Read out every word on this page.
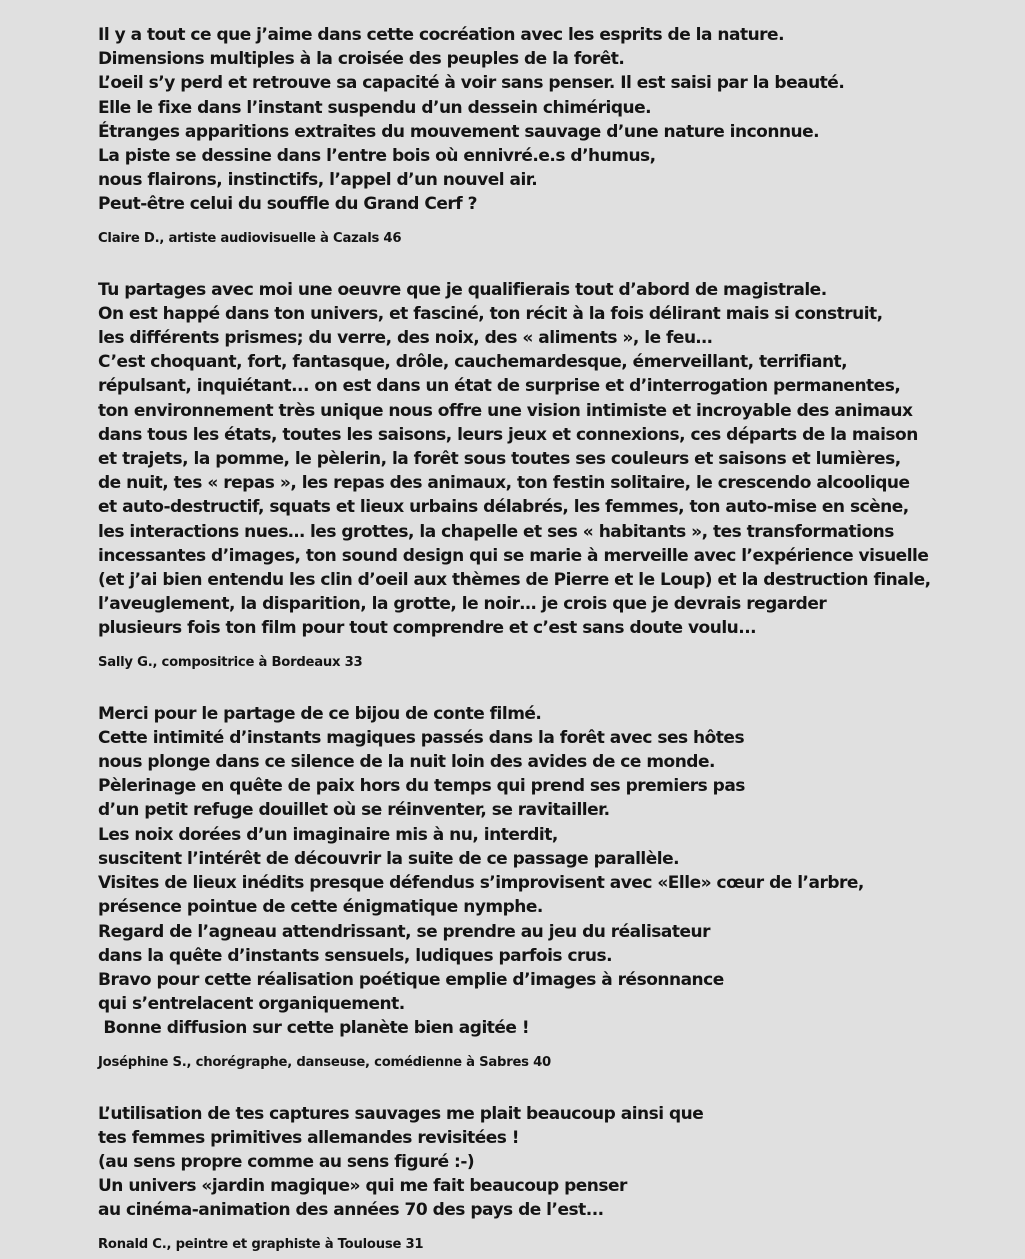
Il y a tout ce que j’aime dans cette cocréation avec les esprits de la nature.
Dimensions multiples à la croisée des peuples de la forêt.
L’oeil s’y perd et retrouve sa capacité à voir sans penser. Il est saisi par la beauté.
Elle le fixe dans l’instant suspendu d’un dessein chimérique.
Étranges apparitions extraites du mouvement sauvage d’une nature inconnue.
La piste se dessine dans l’entre bois où ennivré.e.s d’humus,
nous flairons, instinctifs, l’appel d’un nouvel air.
Peut-être celui du souffle du Grand Cerf ?
Claire D., artiste audiovisuelle à Cazals 46
Tu partages avec moi une oeuvre que je qualifierais tout d’abord de magistrale.
On est happé dans ton univers, et fasciné, ton récit à la fois délirant mais si construit,
les différents prismes; du verre, des noix, des « aliments », le feu…
C’est choquant, fort, fantasque, drôle, cauchemardesque, émerveillant, terrifiant,
répulsant, inquiétant... on est dans un état de surprise et d’interrogation permanentes,
ton environnement très unique nous offre une vision intimiste et incroyable des animaux
dans tous les états, toutes les saisons, leurs jeux et connexions, ces départs de la maison
et trajets, la pomme, le pèlerin, la forêt sous toutes ses couleurs et saisons et lumières,
de nuit, tes « repas », les repas des animaux, ton festin solitaire, le crescendo alcoolique
et auto-destructif, squats et lieux urbains délabrés, les femmes, ton auto-mise en scène,
les interactions nues… les grottes, la chapelle et ses « habitants », tes transformations
incessantes d’images, ton sound design qui se marie à merveille avec l’expérience visuelle
(et j’ai bien entendu les clin d’oeil aux thèmes de Pierre et le Loup) et la destruction finale,
l’aveuglement, la disparition, la grotte, le noir… je crois que je devrais regarder
plusieurs fois ton film pour tout comprendre et c’est sans doute voulu...
Sally G., compositrice à Bordeaux 33
Merci pour le partage de ce bijou de conte filmé.
Cette intimité d’instants magiques passés dans la forêt avec ses hôtes
nous plonge dans ce silence de la nuit loin des avides de ce monde.
Pèlerinage en quête de paix hors du temps qui prend ses premiers pas
d’un petit refuge douillet où se réinventer, se ravitailler.
Les noix dorées d’un imaginaire mis à nu, interdit,
suscitent l’intérêt de découvrir la suite de ce passage parallèle.
Visites de lieux inédits presque défendus s’improvisent avec «Elle» cœur de l’arbre,
présence pointue de cette énigmatique nymphe.
Regard de l’agneau attendrissant, se prendre au jeu du réalisateur
dans la quête d’instants sensuels, ludiques parfois crus.
Bravo pour cette réalisation poétique emplie d’images à résonnance
qui s’entrelacent organiquement.
Bonne diffusion sur cette planète bien agitée !
Joséphine S., chorégraphe, danseuse, comédienne à Sabres 40
L’utilisation de tes captures sauvages me plait beaucoup ainsi que
tes femmes primitives allemandes revisitées !
(au sens propre comme au sens figuré :-)
Un univers «jardin magique» qui me fait beaucoup penser
au cinéma-animation des années 70 des pays de l’est...
Ronald C., peintre et graphiste à Toulouse 31
